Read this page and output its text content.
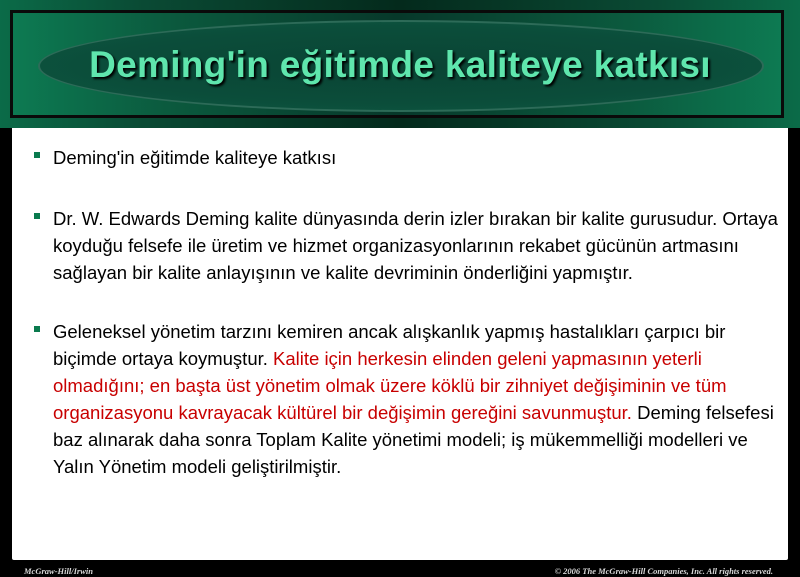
Deming'in eğitimde kaliteye katkısı
Deming'in eğitimde kaliteye katkısı
Dr. W. Edwards Deming kalite dünyasında derin izler bırakan bir kalite gurusudur. Ortaya koyduğu felsefe ile üretim ve hizmet organizasyonlarının rekabet gücünün artmasını sağlayan bir kalite anlayışının ve kalite devriminin önderliğini yapmıştır.
Geleneksel yönetim tarzını kemiren ancak alışkanlık yapmış hastalıkları çarpıcı bir biçimde ortaya koymuştur. Kalite için herkesin elinden geleni yapmasının yeterli olmadığını; en başta üst yönetim olmak üzere köklü bir zihniyet değişiminin ve tüm organizasyonu kavrayacak kültürel bir değişimin gereğini savunmuştur. Deming felsefesi baz alınarak daha sonra Toplam Kalite yönetimi modeli; iş mükemmelliği modelleri ve Yalın Yönetim modeli geliştirilmiştir.
McGraw-Hill/Irwin	© 2006 The McGraw-Hill Companies, Inc. All rights reserved.
